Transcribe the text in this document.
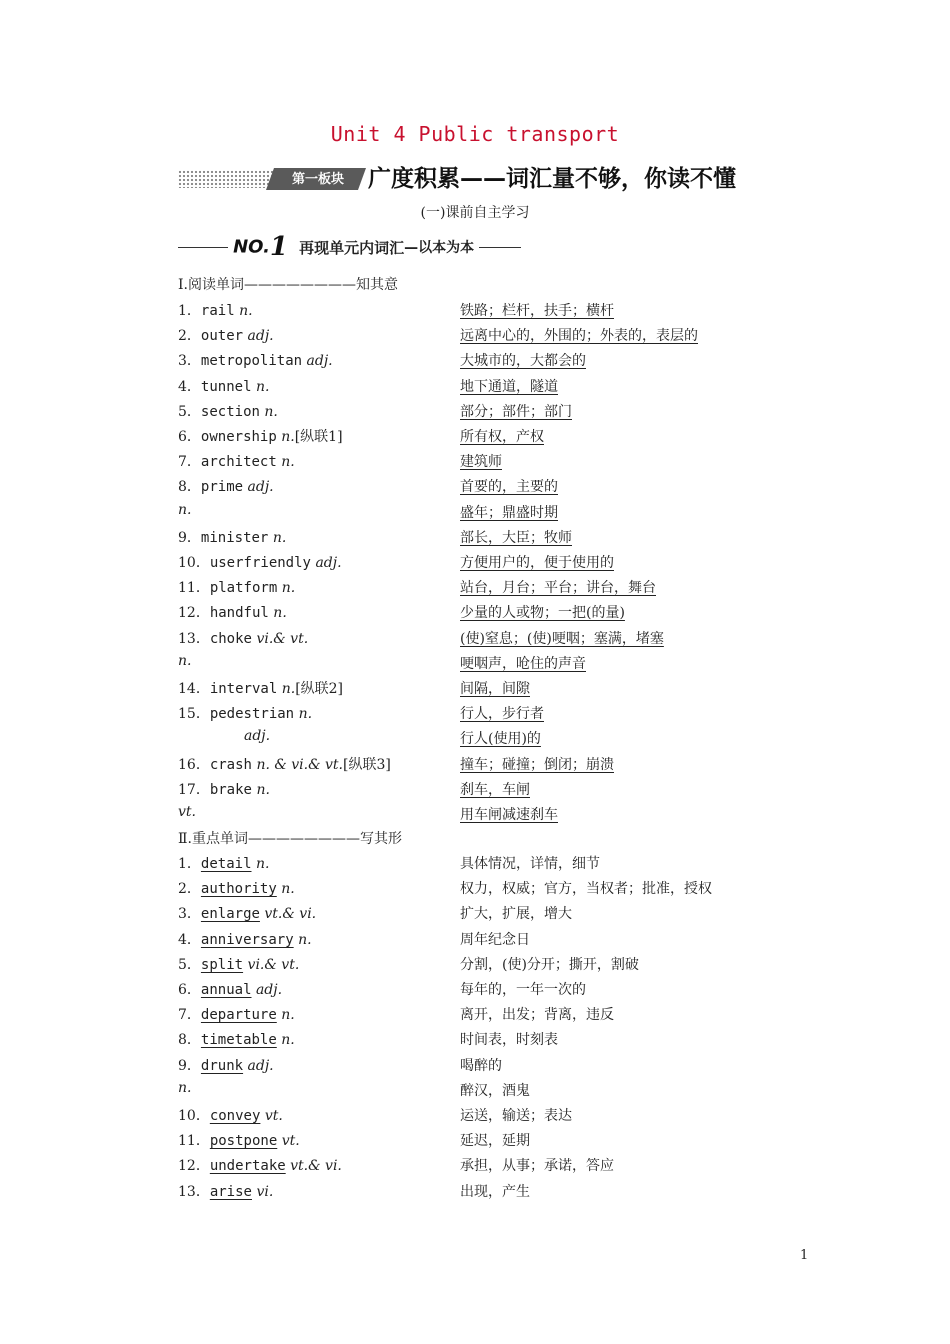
Unit 4 Public transport
第一板块	广度积累——词汇量不够，你读不懂
(一)课前自主学习
NO.1 再现单元内词汇—以本为本
Ⅰ.阅读单词————————知其意
1．rail n.	铁路；栏杆，扶手；横杆
2．outer adj.	远离中心的，外围的；外表的，表层的
3．metropolitan adj.	大城市的，大都会的
4．tunnel n.	地下通道，隧道
5．section n.	部分；部件；部门
6．ownership n.[纵联1]	所有权，产权
7．architect n.	建筑师
8．prime adj.	首要的，主要的
n.	盛年；鼎盛时期
9．minister n.	部长，大臣；牧师
10．userfriendly adj.	方便用户的，便于使用的
11．platform n.	站台，月台；平台；讲台，舞台
12．handful n.	少量的人或物；一把(的量)
13．choke vi.& vt.	(使)窒息；(使)哽咽；塞满，堵塞
n.	哽咽声，呛住的声音
14．interval n.[纵联2]	间隔，间隙
15．pedestrian n.	行人，步行者
adj.	行人(使用)的
16．crash n. & vi.& vt.[纵联3]	撞车；碰撞；倒闭；崩溃
17．brake n.	刹车，车闸
vt.	用车闸减速刹车
Ⅱ.重点单词————————写其形
1．detail n.	具体情况，详情，细节
2．authority n.	权力，权威；官方，当权者；批准，授权
3．enlarge vt.& vi.	扩大，扩展，增大
4．anniversary n.	周年纪念日
5．split vi.& vt.	分割，(使)分开；撕开，割破
6．annual adj.	每年的，一年一次的
7．departure n.	离开，出发；背离，违反
8．timetable n.	时间表，时刻表
9．drunk adj.	喝醉的
n.	醉汉，酒鬼
10．convey vt.	运送，输送；表达
11．postpone vt.	延迟，延期
12．undertake vt.& vi.	承担，从事；承诺，答应
13．arise vi.	出现，产生
1
